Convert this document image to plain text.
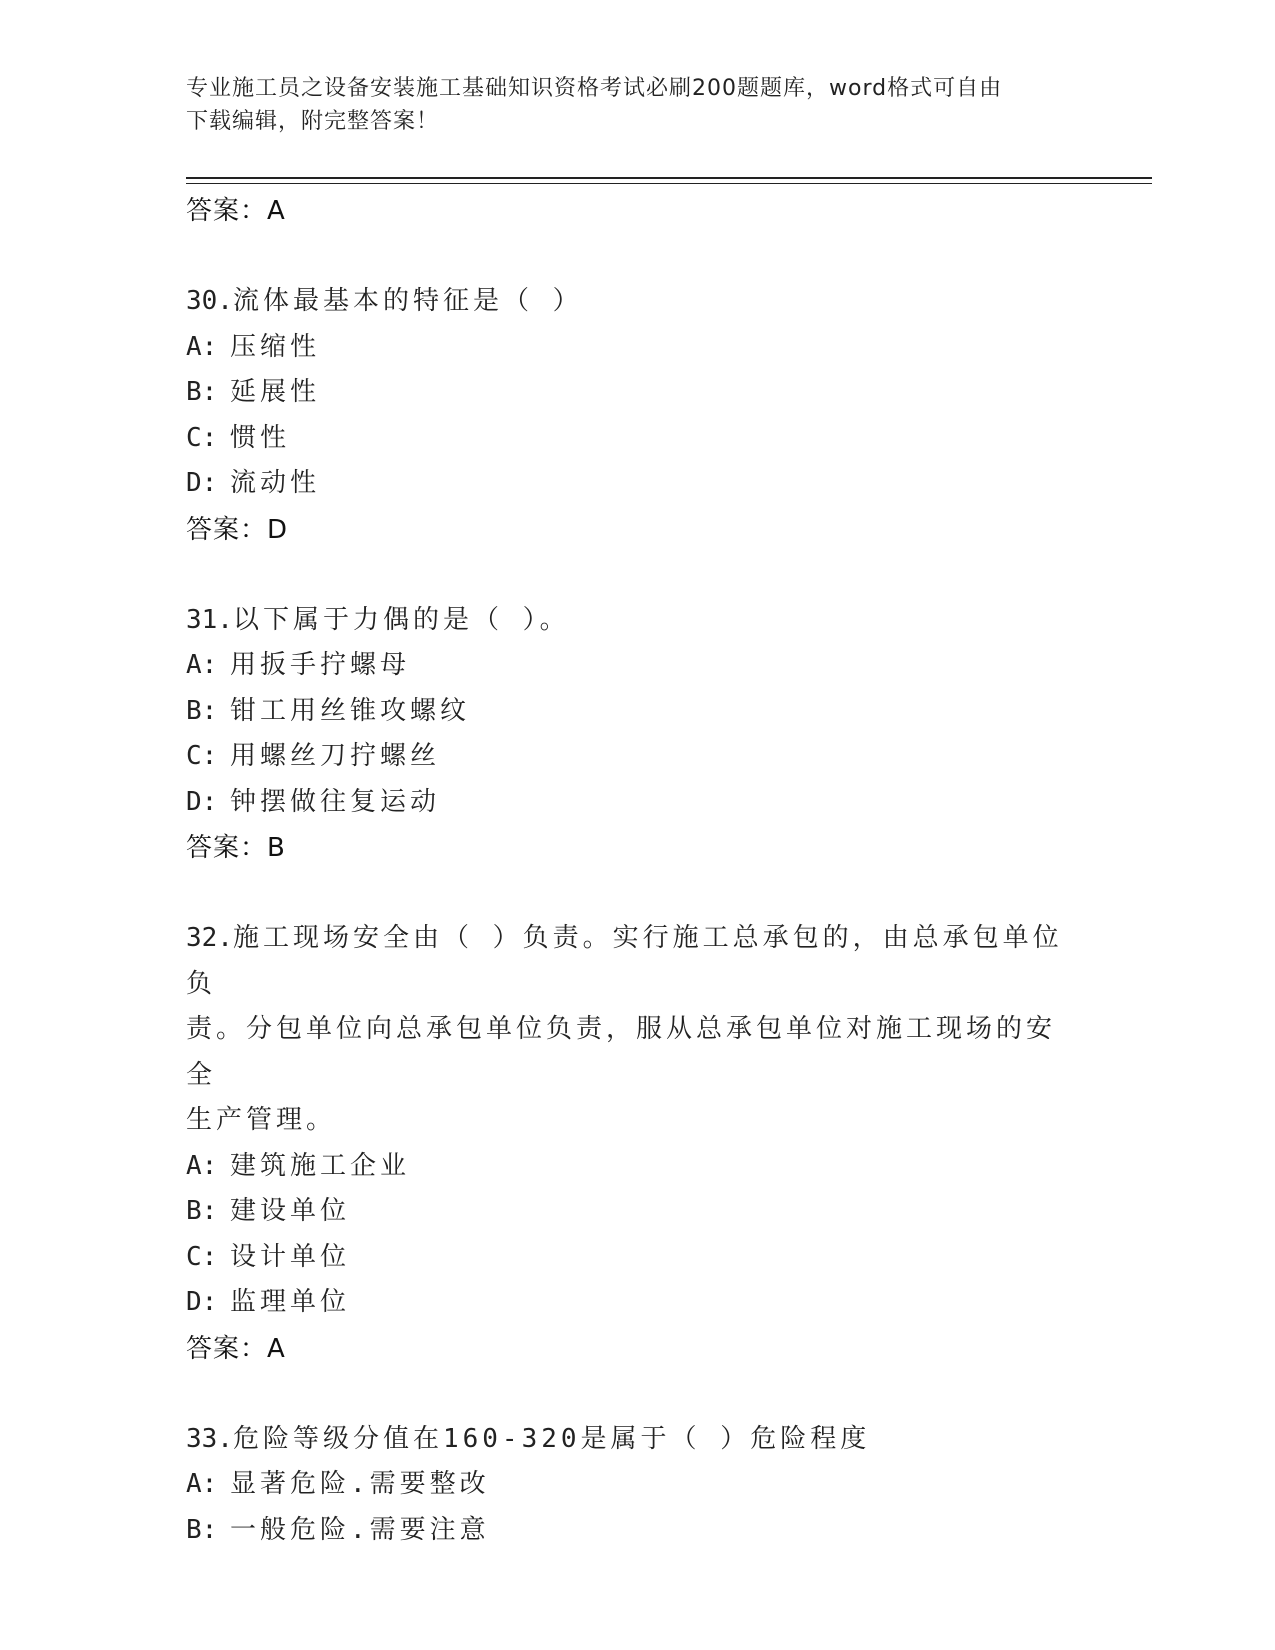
专业施工员之设备安装施工基础知识资格考试必刷200题题库，word格式可自由
下载编辑，附完整答案！
答案：A
30.流体最基本的特征是（ ）
A: 压缩性
B: 延展性
C: 惯性
D: 流动性
答案：D
31.以下属于力偶的是（ ）。
A: 用扳手拧螺母
B: 钳工用丝锥攻螺纹
C: 用螺丝刀拧螺丝
D: 钟摆做往复运动
答案：B
32.施工现场安全由（ ）负责。实行施工总承包的，由总承包单位负
责。分包单位向总承包单位负责，服从总承包单位对施工现场的安全
生产管理。
A: 建筑施工企业
B: 建设单位
C: 设计单位
D: 监理单位
答案：A
33.危险等级分值在160-320是属于（ ）危险程度
A: 显著危险.需要整改
B: 一般危险.需要注意
